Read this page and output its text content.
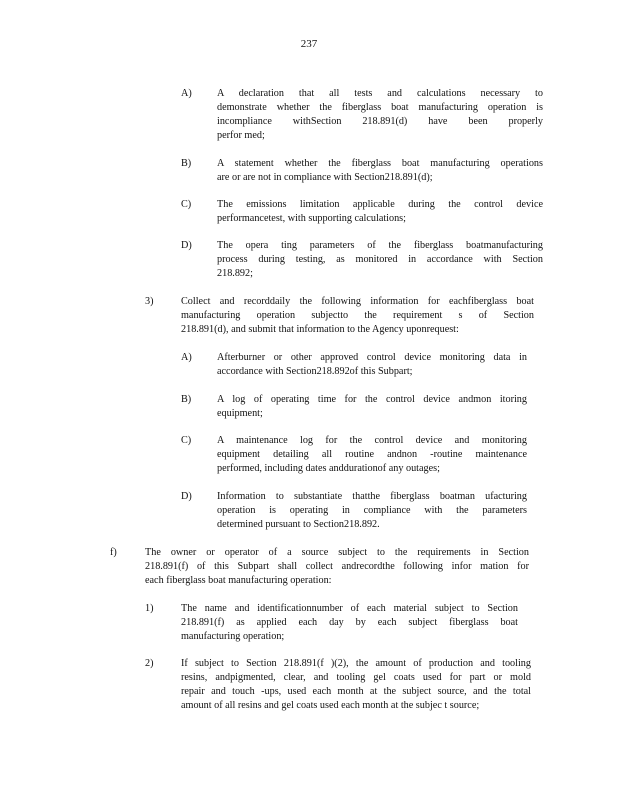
237
A) A declaration that all tests and calculations necessary to
demonstrate whether the fiberglass boat manufacturing operation is
incompliance withSection 218.891(d) have been properly
perfor med;
B)	A statement whether the fiberglass boat manufacturing operations
are or are not in compliance with Section218.891(d);
C)	The emissions limitation applicable during the control device
performancetest, with supporting calculations;
D) The opera ting parameters of the fiberglass boatmanufacturing
process during testing, as monitored in accordance with Section
218.892;
3)	Collect and recorddaily the following information for eachfiberglass boat
manufacturing operation subjectto the requirement s of Section
218.891(d), and submit that information to the Agency uponrequest:
A) Afterburner or other approved control device monitoring data in
accordance with Section218.892of this Subpart;
B)	A log of operating time for the control device andmon itoring
equipment;
C)	A maintenance log for the control device and monitoring
equipment detailing all routine andnon -routine maintenance
performed, including dates anddurationof any outages;
D) Information to substantiate thatthe fiberglass boatman ufacturing
operation is operating in compliance with the parameters
determined pursuant to Section218.892.
f)	The owner or operator of a source subject to the requirements in Section
218.891(f) of this Subpart shall collect andrecordthe following infor mation for
each fiberglass boat manufacturing operation:
1)	The name and identificationnumber of each material subject to Section
218.891(f) as applied each day by each subject fiberglass boat
manufacturing operation;
2)	If subject to Section 218.891(f )(2), the amount of production and tooling
resins, andpigmented, clear, and tooling gel coats used for part or mold
repair and touch -ups, used each month at the subject source, and the total
amount of all resins and gel coats used each month at the subjec t source;
